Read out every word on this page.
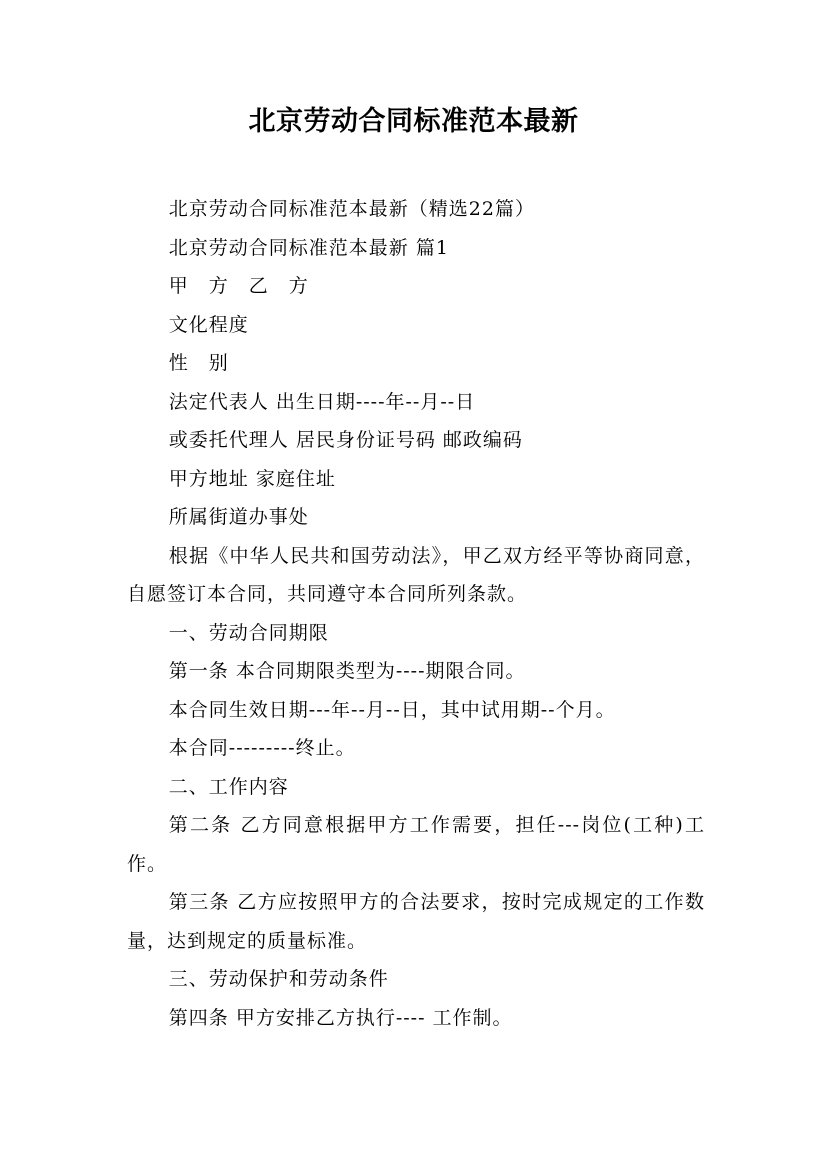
北京劳动合同标准范本最新

北京劳动合同标准范本最新（精选22篇）

北京劳动合同标准范本最新 篇1

甲　方　乙　方

文化程度

性　别

法定代表人 出生日期----年--月--日

或委托代理人 居民身份证号码 邮政编码

甲方地址 家庭住址

所属街道办事处

根据《中华人民共和国劳动法》，甲乙双方经平等协商同意，自愿签订本合同，共同遵守本合同所列条款。

一、劳动合同期限

第一条 本合同期限类型为----期限合同。

本合同生效日期---年--月--日，其中试用期--个月。

本合同---------终止。

二、工作内容

第二条 乙方同意根据甲方工作需要，担任---岗位(工种)工作。

第三条 乙方应按照甲方的合法要求，按时完成规定的工作数量，达到规定的质量标准。

三、劳动保护和劳动条件

第四条 甲方安排乙方执行---- 工作制。
